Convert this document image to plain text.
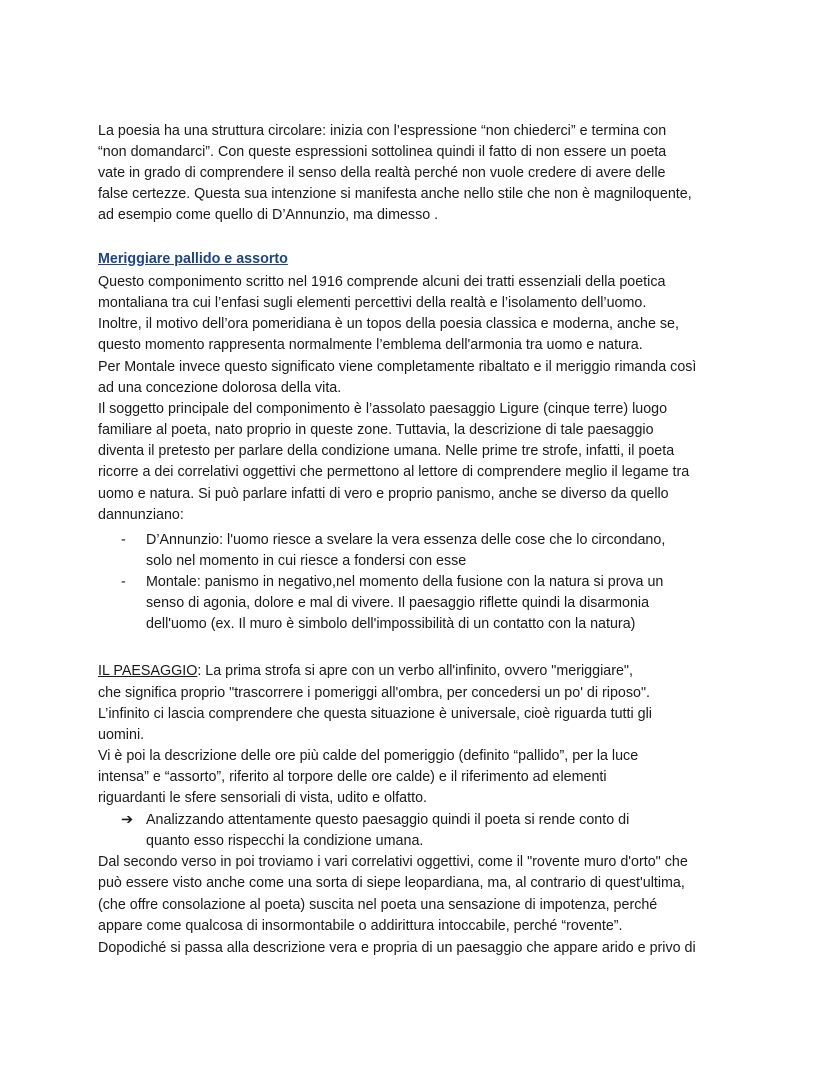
La poesia ha una struttura circolare: inizia con l’espressione “non chiederci” e termina con
“non domandarci”. Con queste espressioni sottolinea quindi il fatto di non essere un poeta
vate in grado di comprendere il senso della realtà perché non vuole credere di avere delle
false certezze. Questa sua intenzione si manifesta anche nello stile che non è magniloquente,
ad esempio come quello di D’Annunzio, ma dimesso .
Meriggiare pallido e assorto
Questo componimento scritto nel 1916 comprende alcuni dei tratti essenziali della poetica
montaliana tra cui l’enfasi sugli elementi percettivi della realtà e l’isolamento dell’uomo.
Inoltre, il motivo dell’ora pomeridiana è un topos della poesia classica e moderna, anche se,
questo momento rappresenta normalmente l’emblema dell'armonia tra uomo e natura.
Per Montale invece questo significato viene completamente ribaltato e il meriggio rimanda così
ad una concezione dolorosa della vita.
Il soggetto principale del componimento è l’assolato paesaggio Ligure (cinque terre) luogo
familiare al poeta, nato proprio in queste zone. Tuttavia, la descrizione di tale paesaggio
diventa il pretesto per parlare della condizione umana. Nelle prime tre strofe, infatti, il poeta
ricorre a dei correlativi oggettivi che permettono al lettore di comprendere meglio il legame tra
uomo e natura. Si può parlare infatti di vero e proprio panismo, anche se diverso da quello
dannunziano:
- D’Annunzio: l'uomo riesce a svelare la vera essenza delle cose che lo circondano,
solo nel momento in cui riesce a fondersi con esse
- Montale: panismo in negativo,nel momento della fusione con la natura si prova un
senso di agonia, dolore e mal di vivere. Il paesaggio riflette quindi la disarmonia
dell'uomo (ex. Il muro è simbolo dell'impossibilità di un contatto con la natura)
IL PAESAGGIO: La prima strofa si apre con un verbo all'infinito, ovvero "meriggiare",
che significa proprio "trascorrere i pomeriggi all'ombra, per concedersi un po' di riposo".
L’infinito ci lascia comprendere che questa situazione è universale, cioè riguarda tutti gli
uomini.
Vi è poi la descrizione delle ore più calde del pomeriggio (definito “pallido”, per la luce
intensa” e “assorto”, riferito al torpore delle ore calde) e il riferimento ad elementi
riguardanti le sfere sensoriali di vista, udito e olfatto.
➔ Analizzando attentamente questo paesaggio quindi il poeta si rende conto di
quanto esso rispecchi la condizione umana.
Dal secondo verso in poi troviamo i vari correlativi oggettivi, come il "rovente muro d'orto" che
può essere visto anche come una sorta di siepe leopardiana, ma, al contrario di quest'ultima,
(che offre consolazione al poeta) suscita nel poeta una sensazione di impotenza, perché
appare come qualcosa di insormontabile o addirittura intoccabile, perché “rovente”.
Dopodiché si passa alla descrizione vera e propria di un paesaggio che appare arido e privo di
